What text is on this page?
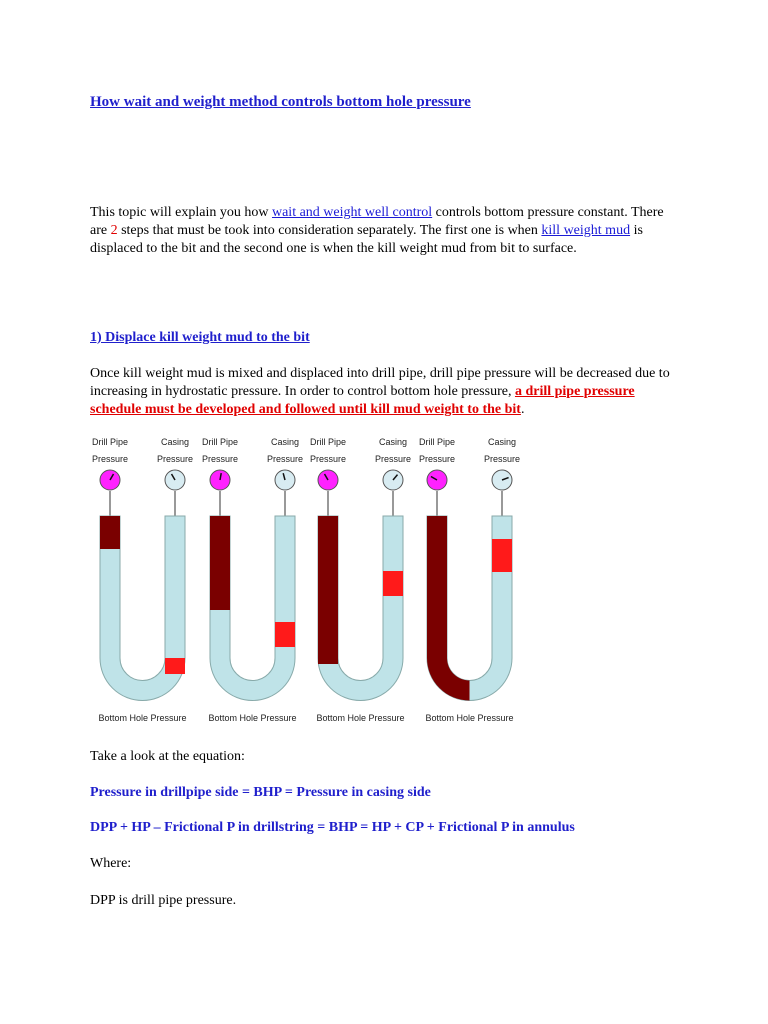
How wait and weight method controls bottom hole pressure
This topic will explain you how wait and weight well control controls bottom pressure constant. There are 2 steps that must be took into consideration separately. The first one is when kill weight mud is displaced to the bit and the second one is when the kill weight mud from bit to surface.
1) Displace kill weight mud to the bit
Once kill weight mud is mixed and displaced into drill pipe, drill pipe pressure will be decreased due to increasing in hydrostatic pressure. In order to control bottom hole pressure, a drill pipe pressure schedule must be developed and followed until kill mud weight to the bit.
Drill Pipe
Pressure
Casing
Pressure
Bottom Hole Pressure
Drill Pipe
Pressure
Casing
Pressure
Bottom Hole Pressure
Drill Pipe
Pressure
Casing
Pressure
Bottom Hole Pressure
Drill Pipe
Pressure
Casing
Pressure
Bottom Hole Pressure
Take a look at the equation:
Pressure in drillpipe side = BHP = Pressure in casing side
DPP + HP – Frictional P in drillstring = BHP = HP + CP + Frictional P in annulus
Where:
DPP is drill pipe pressure.
